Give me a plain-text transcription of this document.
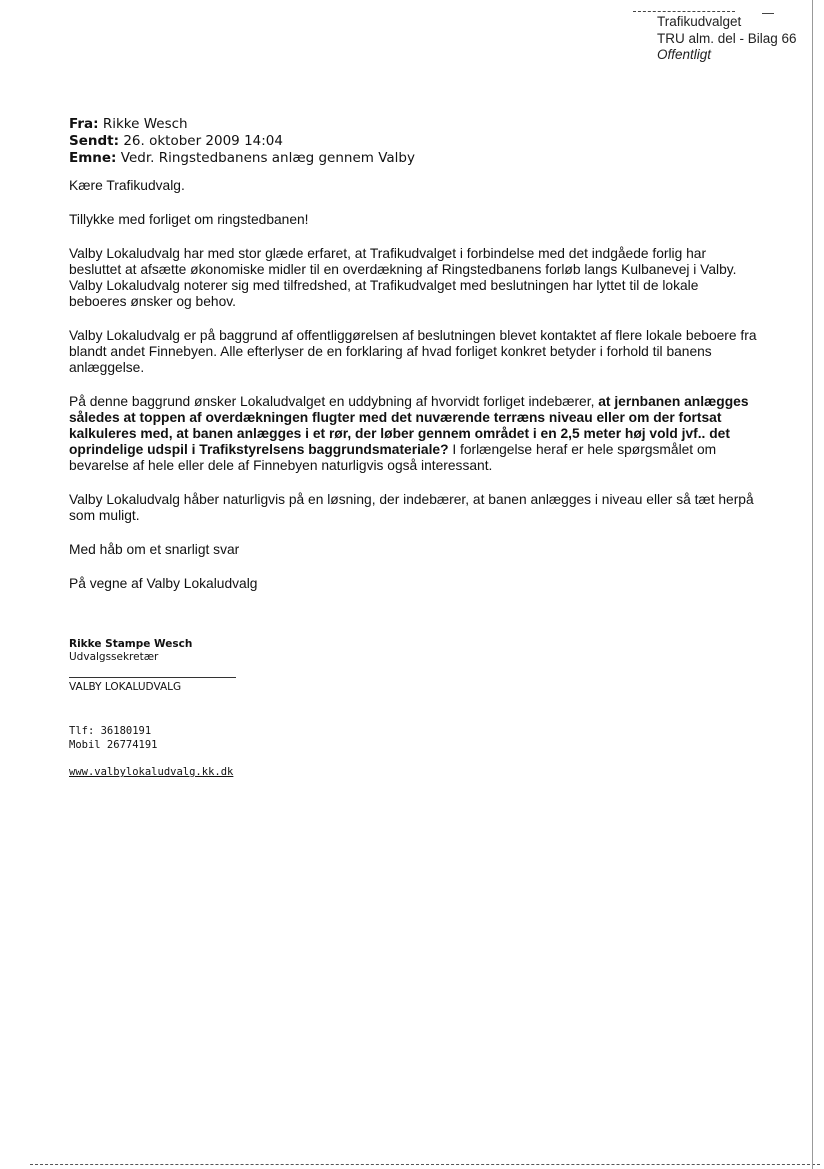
Trafikudvalget
TRU alm. del - Bilag 66
Offentligt
Fra: Rikke Wesch
Sendt: 26. oktober 2009 14:04
Emne: Vedr. Ringstedbanens anlæg gennem Valby

Kære Trafikudvalg.

Tillykke med forliget om ringstedbanen!

Valby Lokaludvalg har med stor glæde erfaret, at Trafikudvalget i forbindelse med det indgåede forlig har besluttet at afsætte økonomiske midler til en overdækning af Ringstedbanens forløb langs Kulbanevej i Valby. Valby Lokaludvalg noterer sig med tilfredshed, at Trafikudvalget med beslutningen har lyttet til de lokale beboeres ønsker og behov.

Valby Lokaludvalg er på baggrund af offentliggørelsen af beslutningen blevet kontaktet af flere lokale beboere fra blandt andet Finnebyen. Alle efterlyser de en forklaring af hvad forliget konkret betyder i forhold til banens anlæggelse.

På denne baggrund ønsker Lokaludvalget en uddybning af hvorvidt forliget indebærer, at jernbanen anlægges således at toppen af overdækningen flugter med det nuværende terræns niveau eller om der fortsat kalkuleres med, at banen anlægges i et rør, der løber gennem området i en 2,5 meter høj vold jvf.. det oprindelige udspil i Trafikstyrelsens baggrundsmateriale? I forlængelse heraf er hele spørgsmålet om bevarelse af hele eller dele af Finnebyen naturligvis også interessant.

Valby Lokaludvalg håber naturligvis på en løsning, der indebærer, at banen anlægges i niveau eller så tæt herpå som muligt.

Med håb om et snarligt svar

På vegne af Valby Lokaludvalg

Rikke Stampe Wesch
Udvalgssekretær
VALBY LOKALUDVALG
Tlf: 36180191
Mobil 26774191
www.valbylokaludvalg.kk.dk
